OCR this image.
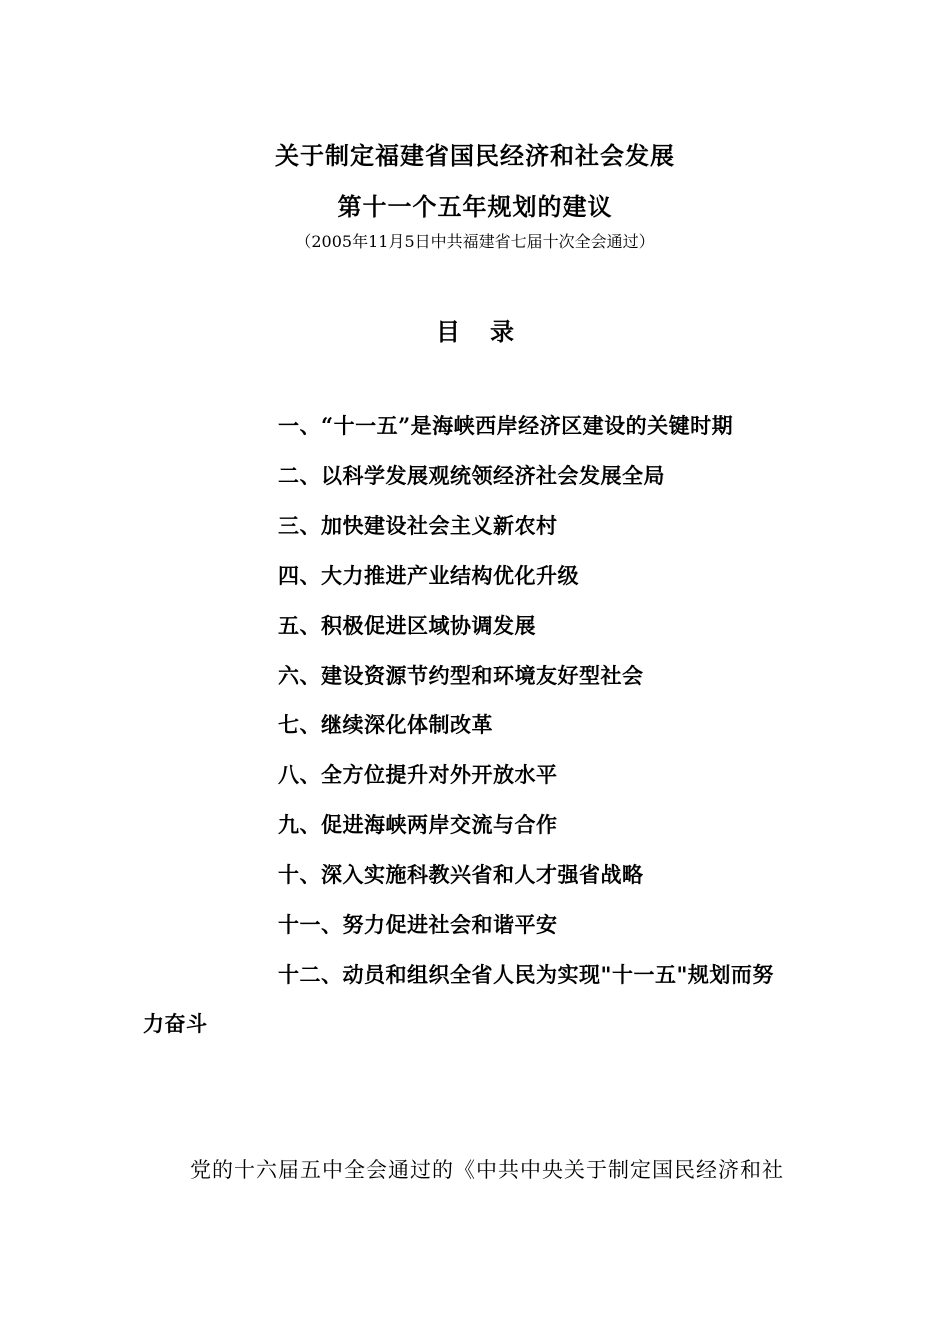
关于制定福建省国民经济和社会发展
第十一个五年规划的建议
（2005年11月5日中共福建省七届十次全会通过）
目录
一、“十一五”是海峡西岸经济区建设的关键时期
二、以科学发展观统领经济社会发展全局
三、加快建设社会主义新农村
四、大力推进产业结构优化升级
五、积极促进区域协调发展
六、建设资源节约型和环境友好型社会
七、继续深化体制改革
八、全方位提升对外开放水平
九、促进海峡两岸交流与合作
十、深入实施科教兴省和人才强省战略
十一、努力促进社会和谐平安
十二、动员和组织全省人民为实现"十一五"规划而努
力奋斗
党的十六届五中全会通过的《中共中央关于制定国民经济和社
